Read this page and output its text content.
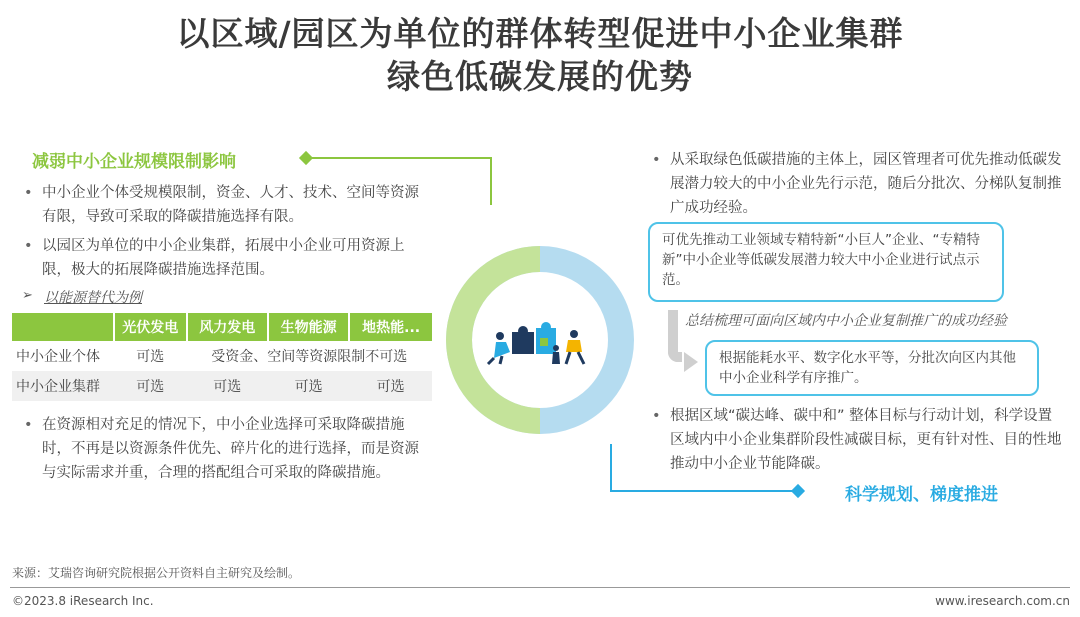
以区域/园区为单位的群体转型促进中小企业集群
绿色低碳发展的优势
减弱中小企业规模限制影响
• 中小企业个体受规模限制，资金、人才、技术、空间等资源有限，导致可采取的降碳措施选择有限。
• 以园区为单位的中小企业集群，拓展中小企业可用资源上限，极大的拓展降碳措施选择范围。
➢ 以能源替代为例
	光伏发电	风力发电	生物能源	地热能...
中小企业个体	可选	受资金、空间等资源限制不可选		
中小企业集群	可选	可选	可选	可选
• 在资源相对充足的情况下，中小企业选择可采取降碳措施时，不再是以资源条件优先、碎片化的进行选择，而是资源与实际需求并重，合理的搭配组合可采取的降碳措施。
• 从采取绿色低碳措施的主体上，园区管理者可优先推动低碳发展潜力较大的中小企业先行示范，随后分批次、分梯队复制推广成功经验。
可优先推动工业领域专精特新“小巨人”企业、“专精特新”中小企业等低碳发展潜力较大中小企业进行试点示范。
总结梳理可面向区域内中小企业复制推广的成功经验
根据能耗水平、数字化水平等，分批次向区内其他中小企业科学有序推广。
• 根据区域“碳达峰、碳中和” 整体目标与行动计划，科学设置区域内中小企业集群阶段性减碳目标，更有针对性、目的性地推动中小企业节能降碳。
科学规划、梯度推进
来源：艾瑞咨询研究院根据公开资料自主研究及绘制。
©2023.8 iResearch Inc.	www.iresearch.com.cn
